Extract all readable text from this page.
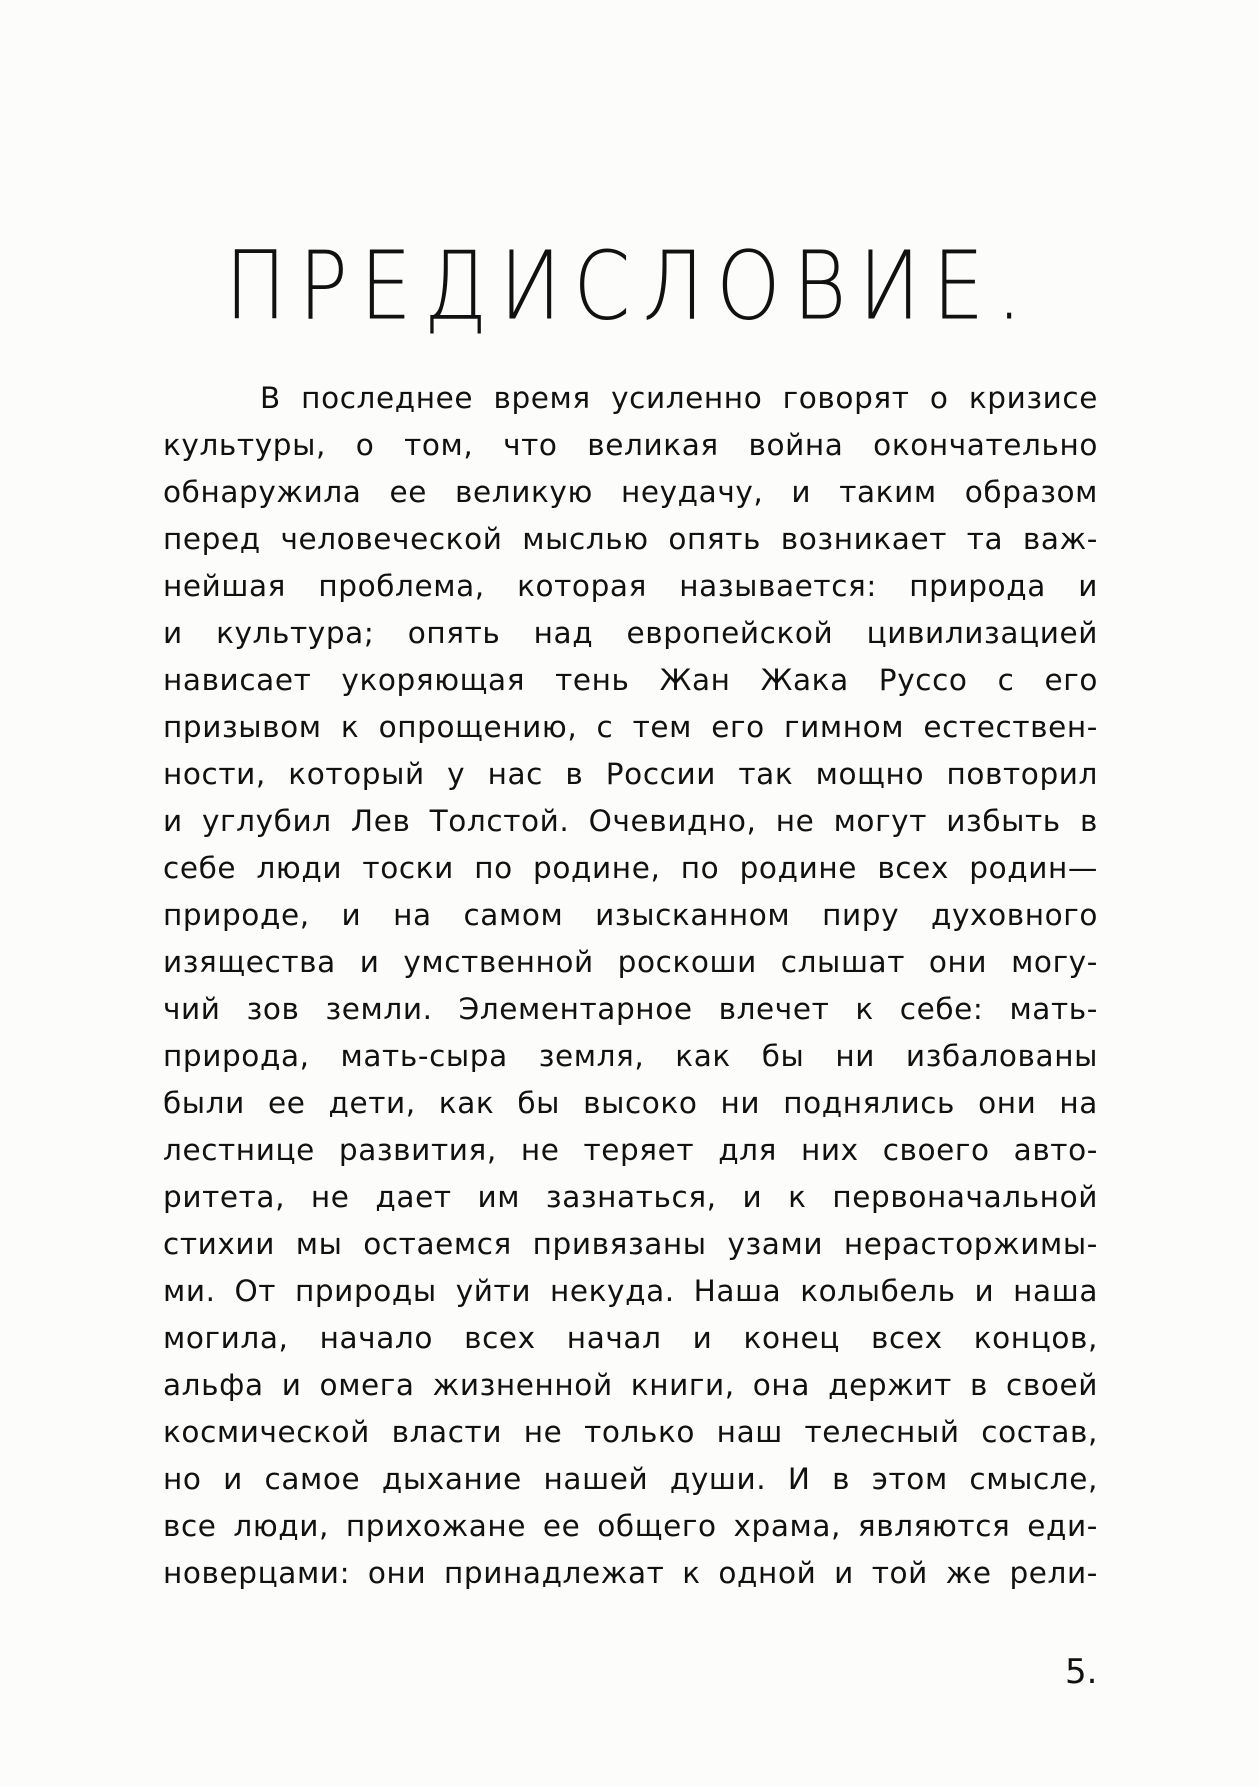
ПРЕДИСЛОВИЕ.
В последнее время усиленно говорят о кризисе
культуры, о том, что великая война окончательно
обнаружила ее великую неудачу, и таким образом
перед человеческой мыслью опять возникает та важ-
нейшая проблема, которая называется: природа и
и культура; опять над европейской цивилизацией
нависает укоряющая тень Жан Жака Руссо с его
призывом к опрощению, с тем его гимном естествен-
ности, который у нас в России так мощно повторил
и углубил Лев Толстой. Очевидно, не могут избыть в
себе люди тоски по родине, по родине всех родин—
природе, и на самом изысканном пиру духовного
изящества и умственной роскоши слышат они могу-
чий зов земли. Элементарное влечет к себе: мать-
природа, мать-сыра земля, как бы ни избалованы
были ее дети, как бы высоко ни поднялись они на
лестнице развития, не теряет для них своего авто-
ритета, не дает им зазнаться, и к первоначальной
стихии мы остаемся привязаны узами нерасторжимы-
ми. От природы уйти некуда. Наша колыбель и наша
могила, начало всех начал и конец всех концов,
альфа и омега жизненной книги, она держит в своей
космической власти не только наш телесный состав,
но и самое дыхание нашей души. И в этом смысле,
все люди, прихожане ее общего храма, являются еди-
новерцами: они принадлежат к одной и той же рели-
5.
